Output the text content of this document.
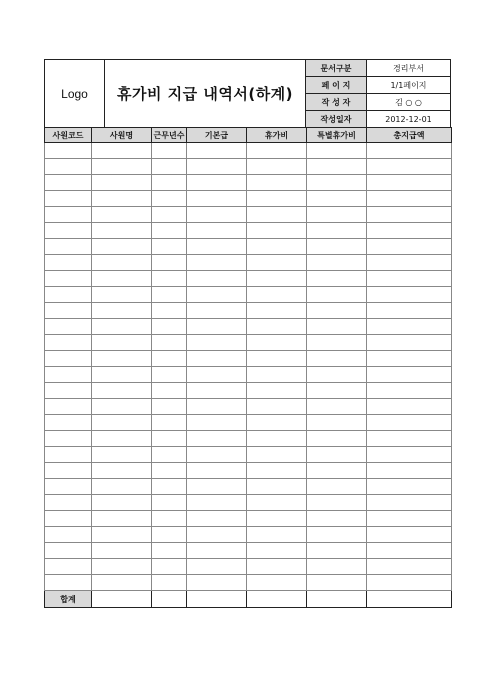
Logo	휴가비 지급 내역서(하계)
문서구분	경리부서
페 이 지	1/1페이지
작 성 자	김 ○ ○
작성일자	2012-12-01
사원코드	사원명	근무년수	기본급	휴가비	특별휴가비	총지급액

합계						
